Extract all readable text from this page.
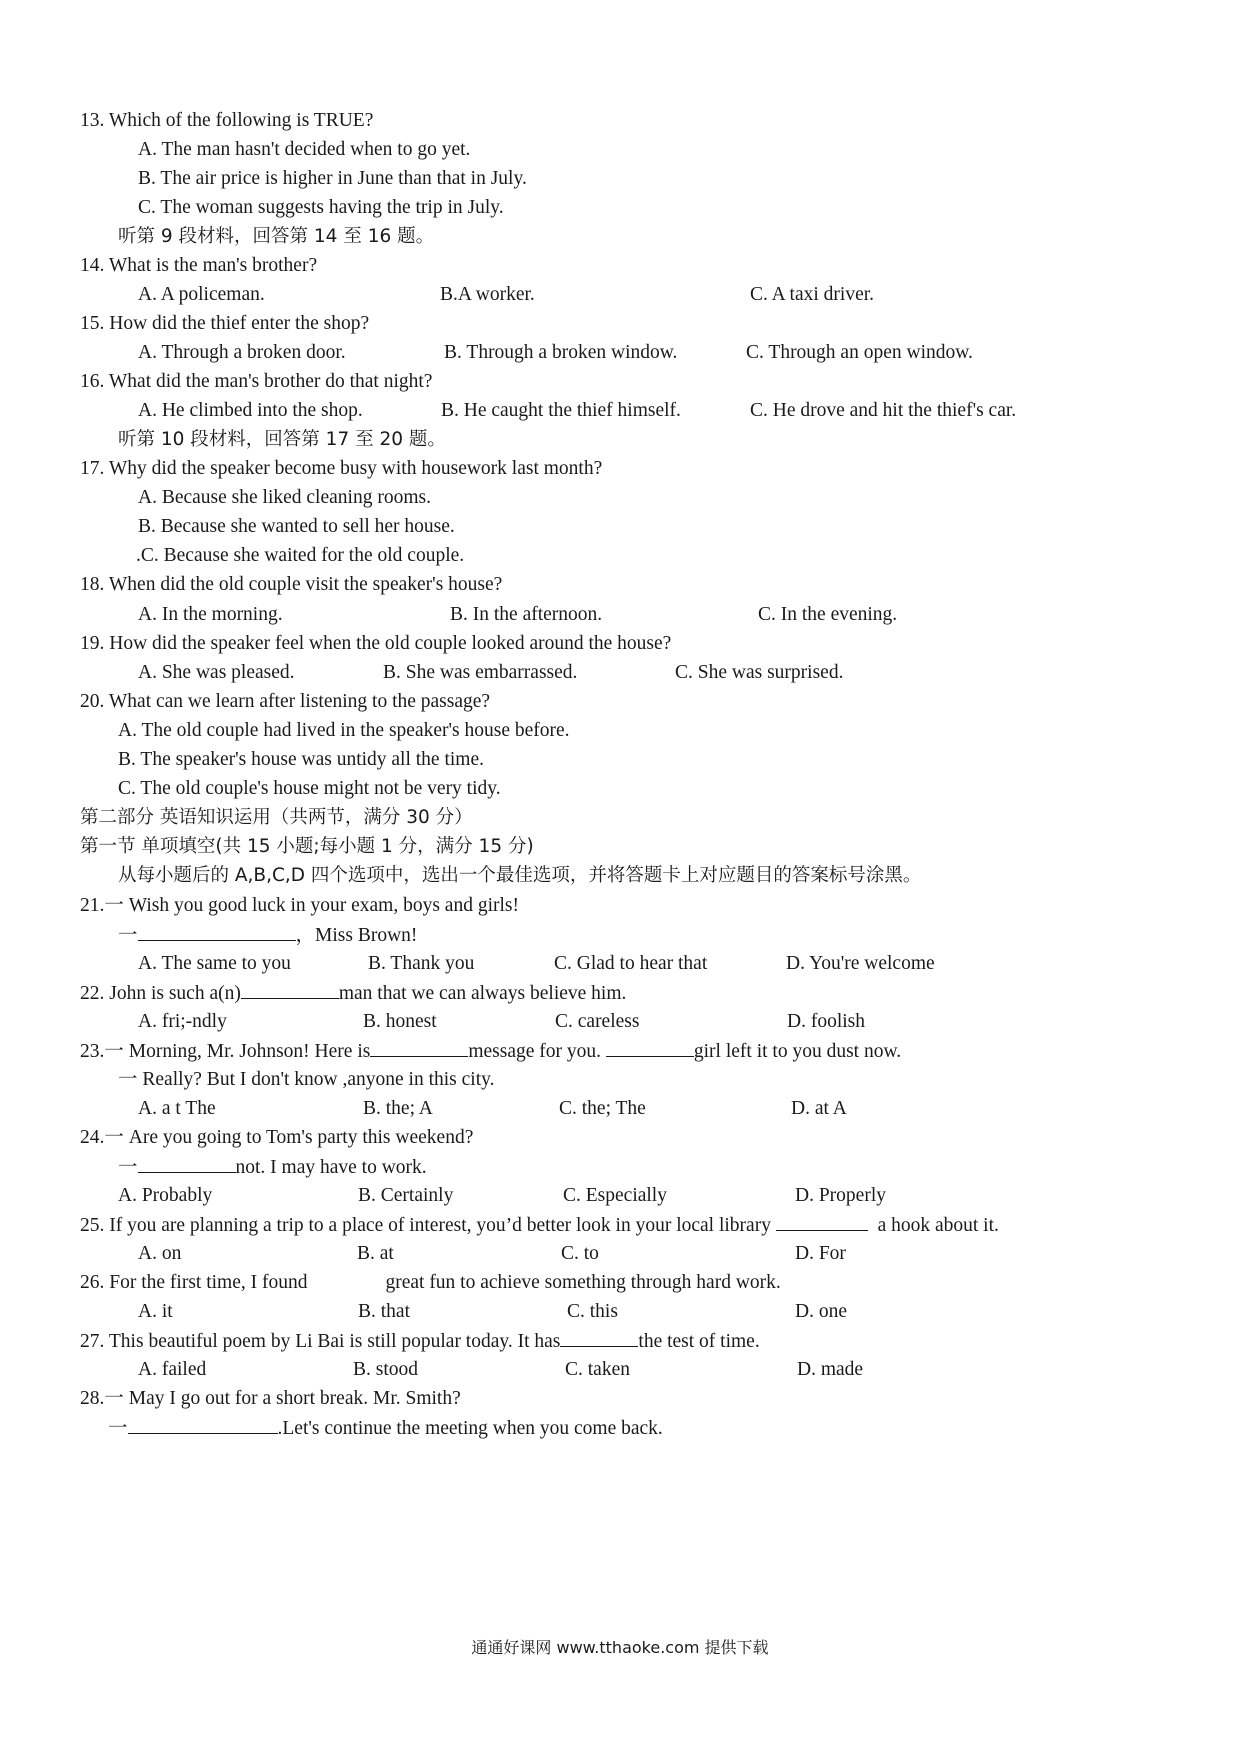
13. Which of the following is TRUE?
A. The man hasn't decided when to go yet.
B. The air price is higher in June than that in July.
C. The woman suggests having the trip in July.
听第 9 段材料，回答第 14 至 16 题。
14. What is the man's brother?
A. A policeman.	B.A worker.	C. A taxi driver.
15. How did the thief enter the shop?
A. Through a broken door.	B. Through a broken window.	C. Through an open window.
16. What did the man's brother do that night?
A. He climbed into the shop.	B. He caught the thief himself.	C. He drove and hit the thief's car.
听第 10 段材料，回答第 17 至 20 题。
17. Why did the speaker become busy with housework last month?
A. Because she liked cleaning rooms.
B. Because she wanted to sell her house.
.C. Because she waited for the old couple.
18. When did the old couple visit the speaker's house?
A. In the morning.	B. In the afternoon.	C. In the evening.
19. How did the speaker feel when the old couple looked around the house?
A. She was pleased.	B. She was embarrassed.	C. She was surprised.
20. What can we learn after listening to the passage?
A. The old couple had lived in the speaker's house before.
B. The speaker's house was untidy all the time.
C. The old couple's house might not be very tidy.
第二部分 英语知识运用（共两节，满分 30 分）
第一节 单项填空(共 15 小题;每小题 1 分，满分 15 分)
从每小题后的 A,B,C,D 四个选项中，选出一个最佳选项，并将答题卡上对应题目的答案标号涂黑。
21.一 Wish you good luck in your exam, boys and girls!
一	，Miss Brown!
A. The same to you	B. Thank you	C. Glad to hear that	D. You're welcome
22. John is such a(n)	man that we can always believe him.
A. fri;-ndly	B. honest	C. careless	D. foolish
23.一 Morning, Mr. Johnson! Here is	message for you.	girl left it to you dust now.
一 Really? But I don't know ,anyone in this city.
A. a t The	B. the; A	C. the; The	D. at A
24.一 Are you going to Tom's party this weekend?
一	not. I may have to work.
A. Probably	B. Certainly	C. Especially	D. Properly
25. If you are planning a trip to a place of interest, you’d better look in your local library	a hook about it.
A. on	B. at	C. to	D. For
26. For the first time, I found	great fun to achieve something through hard work.
A. it	B. that	C. this	D. one
27. This beautiful poem by Li Bai is still popular today. It has	the test of time.
A. failed	B. stood	C. taken	D. made
28.一 May I go out for a short break. Mr. Smith?
一	.Let's continue the meeting when you come back.
通通好课网 www.tthaoke.com 提供下载
